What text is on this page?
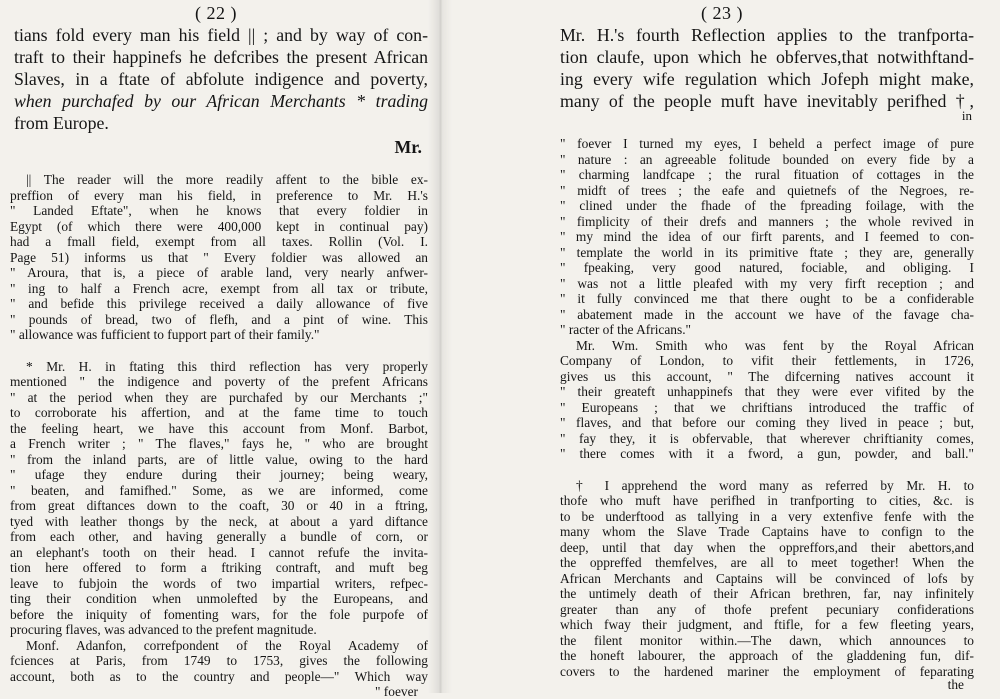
( 22 )

tians fold every man his field || ; and by way of con-
traft to their happinefs he defcribes the present African
Slaves, in a ftate of abfolute indigence and poverty,
when purchafed by our African Merchants * trading
from Europe.

Mr.

|| The reader will the more readily affent to the bible ex-
preffion of every man his field, in preference to Mr. H.'s
" Landed Eftate", when he knows that every foldier in
Egypt (of which there were 400,000 kept in continual pay)
had a fmall field, exempt from all taxes. Rollin (Vol. I.
Page 51) informs us that " Every foldier was allowed an
" Aroura, that is, a piece of arable land, very nearly anfwer-
" ing to half a French acre, exempt from all tax or tribute,
" and befide this privilege received a daily allowance of five
" pounds of bread, two of flefh, and a pint of wine. This
" allowance was fufficient to fupport part of their family."

* Mr. H. in ftating this third reflection has very properly
mentioned " the indigence and poverty of the prefent Africans
" at the period when they are purchafed by our Merchants ;"
to corroborate his affertion, and at the fame time to touch
the feeling heart, we have this account from Monf. Barbot,
a French writer ; " The flaves," fays he, " who are brought
" from the inland parts, are of little value, owing to the hard
" ufage they endure during their journey; being weary,
" beaten, and famifhed." Some, as we are informed, come
from great diftances down to the coaft, 30 or 40 in a ftring,
tyed with leather thongs by the neck, at about a yard diftance
from each other, and having generally a bundle of corn, or
an elephant's tooth on their head. I cannot refufe the invita-
tion here offered to form a ftriking contraft, and muft beg
leave to fubjoin the words of two impartial writers, refpec-
ting their condition when unmolefted by the Europeans, and
before the iniquity of fomenting wars, for the fole purpofe of
procuring flaves, was advanced to the prefent magnitude.
Monf. Adanfon, correfpondent of the Royal Academy of
fciences at Paris, from 1749 to 1753, gives the following
account, both as to the country and people—" Which way

" foever
( 23 )

Mr. H.'s fourth Reflection applies to the tranfporta-
tion claufe, upon which he obferves,that notwithftand-
ing every wife regulation which Jofeph might make,
many of the people muft have inevitably perifhed †,

in

" foever I turned my eyes, I beheld a perfect image of pure
" nature : an agreeable folitude bounded on every fide by a
" charming landfcape ; the rural fituation of cottages in the
" midft of trees ; the eafe and quietnefs of the Negroes, re-
" clined under the fhade of the fpreading foilage, with the
" fimplicity of their drefs and manners ; the whole revived in
" my mind the idea of our firft parents, and I feemed to con-
" template the world in its primitive ftate ; they are, generally
" fpeaking, very good natured, fociable, and obliging. I
" was not a little pleafed with my very firft reception ; and
" it fully convinced me that there ought to be a confiderable
" abatement made in the account we have of the favage cha-
" racter of the Africans."
Mr. Wm. Smith who was fent by the Royal African
Company of London, to vifit their fettlements, in 1726,
gives us this account, " The difcerning natives account it
" their greateft unhappinefs that they were ever vifited by the
" Europeans ; that we chriftians introduced the traffic of
" flaves, and that before our coming they lived in peace ; but,
" fay they, it is obfervable, that wherever chriftianity comes,
" there comes with it a fword, a gun, powder, and ball."

† I apprehend the word many as referred by Mr. H. to
thofe who muft have perifhed in tranfporting to cities, &c. is
to be underftood as tallying in a very extenfive fenfe with the
many whom the Slave Trade Captains have to confign to the
deep, until that day when the oppreffors,and their abettors,and
the oppreffed themfelves, are all to meet together! When the
African Merchants and Captains will be convinced of lofs by
the untimely death of their African brethren, far, nay infinitely
greater than any of thofe prefent pecuniary confiderations
which fway their judgment, and ftifle, for a few fleeting years,
the filent monitor within.—The dawn, which announces to
the honeft labourer, the approach of the gladdening fun, dif-
covers to the hardened mariner the employment of feparating

the
